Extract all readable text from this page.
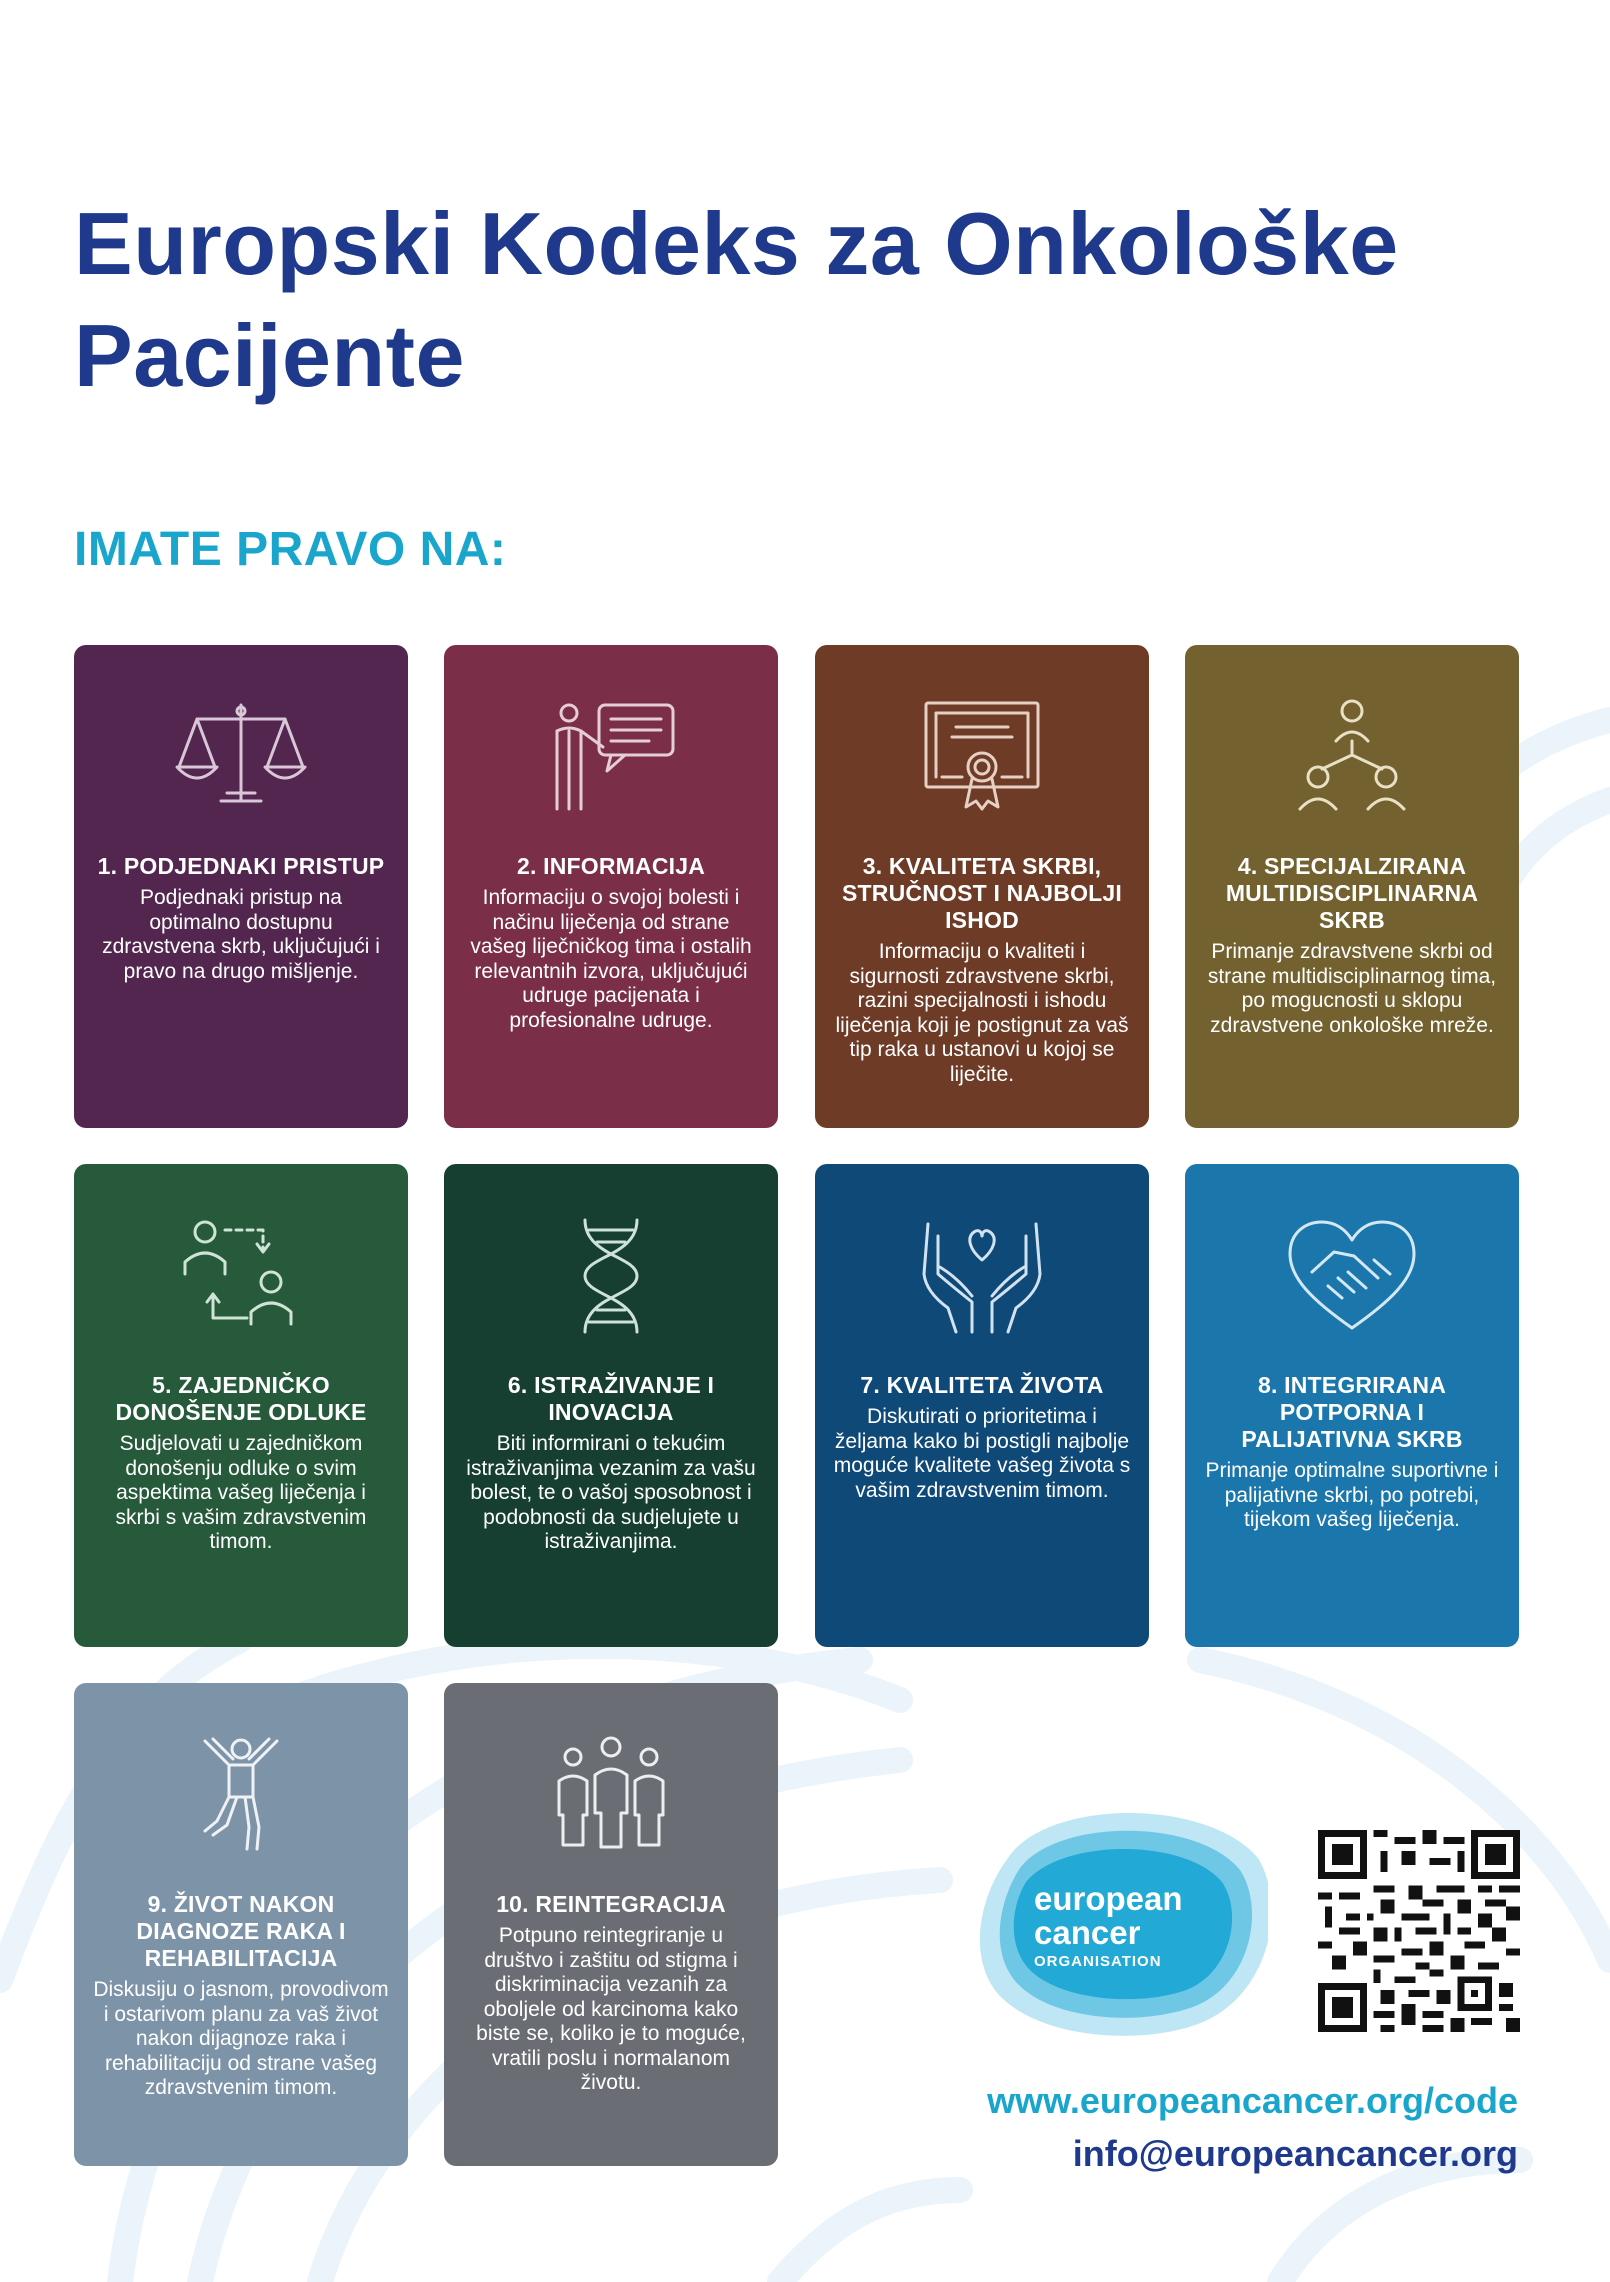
Europski Kodeks za Onkološke Pacijente
IMATE PRAVO NA:
1. PODJEDNAKI PRISTUP
Podjednaki pristup na optimalno dostupnu zdravstvena skrb, uključujući i pravo na drugo mišljenje.
2. INFORMACIJA
Informaciju o svojoj bolesti i načinu liječenja od strane vašeg liječničkog tima i ostalih relevantnih izvora, uključujući udruge pacijenata i profesionalne udruge.
3. KVALITETA SKRBI, STRUČNOST I NAJBOLJI ISHOD
Informaciju o kvaliteti i sigurnosti zdravstvene skrbi, razini specijalnosti i ishodu liječenja koji je postignut za vaš tip raka u ustanovi u kojoj se liječite.
4. SPECIJALZIRANA MULTIDISCIPLINARNA SKRB
Primanje zdravstvene skrbi od strane multidisciplinarnog tima, po mogucnosti u sklopu zdravstvene onkološke mreže.
5. ZAJEDNIČKO DONOŠENJE ODLUKE
Sudjelovati u zajedničkom donošenju odluke o svim aspektima vašeg liječenja i skrbi s vašim zdravstvenim timom.
6. ISTRAŽIVANJE I INOVACIJA
Biti informirani o tekućim istraživanjima vezanim za vašu bolest, te o vašoj sposobnost i podobnosti da sudjelujete u istraživanjima.
7. KVALITETA ŽIVOTA
Diskutirati o prioritetima i željama kako bi postigli najbolje moguće kvalitete vašeg života s vašim zdravstvenim timom.
8. INTEGRIRANA POTPORNA I PALIJATIVNA SKRB
Primanje optimalne suportivne i palijativne skrbi, po potrebi, tijekom vašeg liječenja.
9. ŽIVOT NAKON DIAGNOZE RAKA I REHABILITACIJA
Diskusiju o jasnom, provodivom i ostarivom planu za vaš život nakon dijagnoze raka i rehabilitaciju od strane vašeg zdravstvenim timom.
10. REINTEGRACIJA
Potpuno reintegriranje u društvo i zaštitu od stigma i diskriminacija vezanih za oboljele od karcinoma kako biste se, koliko je to moguće, vratili poslu i normalanom životu.
european
cancer
ORGANISATION

www.europeancancer.org/code

info@europeancancer.org
